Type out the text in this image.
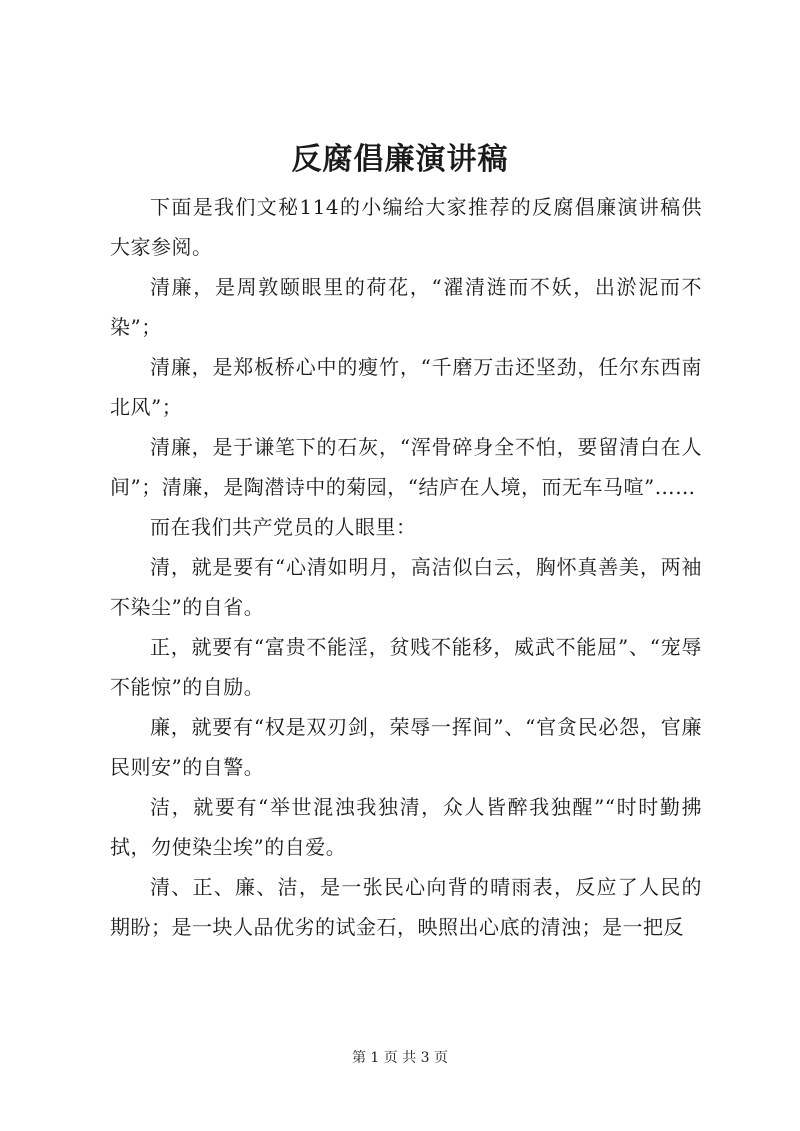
反腐倡廉演讲稿

下面是我们文秘114的小编给大家推荐的反腐倡廉演讲稿供大家参阅。

清廉，是周敦颐眼里的荷花，“濯清涟而不妖，出淤泥而不染”；

清廉，是郑板桥心中的瘦竹，“千磨万击还坚劲，任尔东西南北风”；

清廉，是于谦笔下的石灰，“浑骨碎身全不怕，要留清白在人间”；清廉，是陶潜诗中的菊园，“结庐在人境，而无车马喧”……

而在我们共产党员的人眼里：

清，就是要有“心清如明月，高洁似白云，胸怀真善美，两袖不染尘”的自省。

正，就要有“富贵不能淫，贫贱不能移，威武不能屈”、“宠辱不能惊”的自励。

廉，就要有“权是双刃剑，荣辱一挥间”、“官贪民必怨，官廉民则安”的自警。

洁，就要有“举世混浊我独清，众人皆醉我独醒”“时时勤拂拭，勿使染尘埃”的自爱。

清、正、廉、洁，是一张民心向背的晴雨表，反应了人民的期盼；是一块人品优劣的试金石，映照出心底的清浊；是一把反

第 1 页 共 3 页
